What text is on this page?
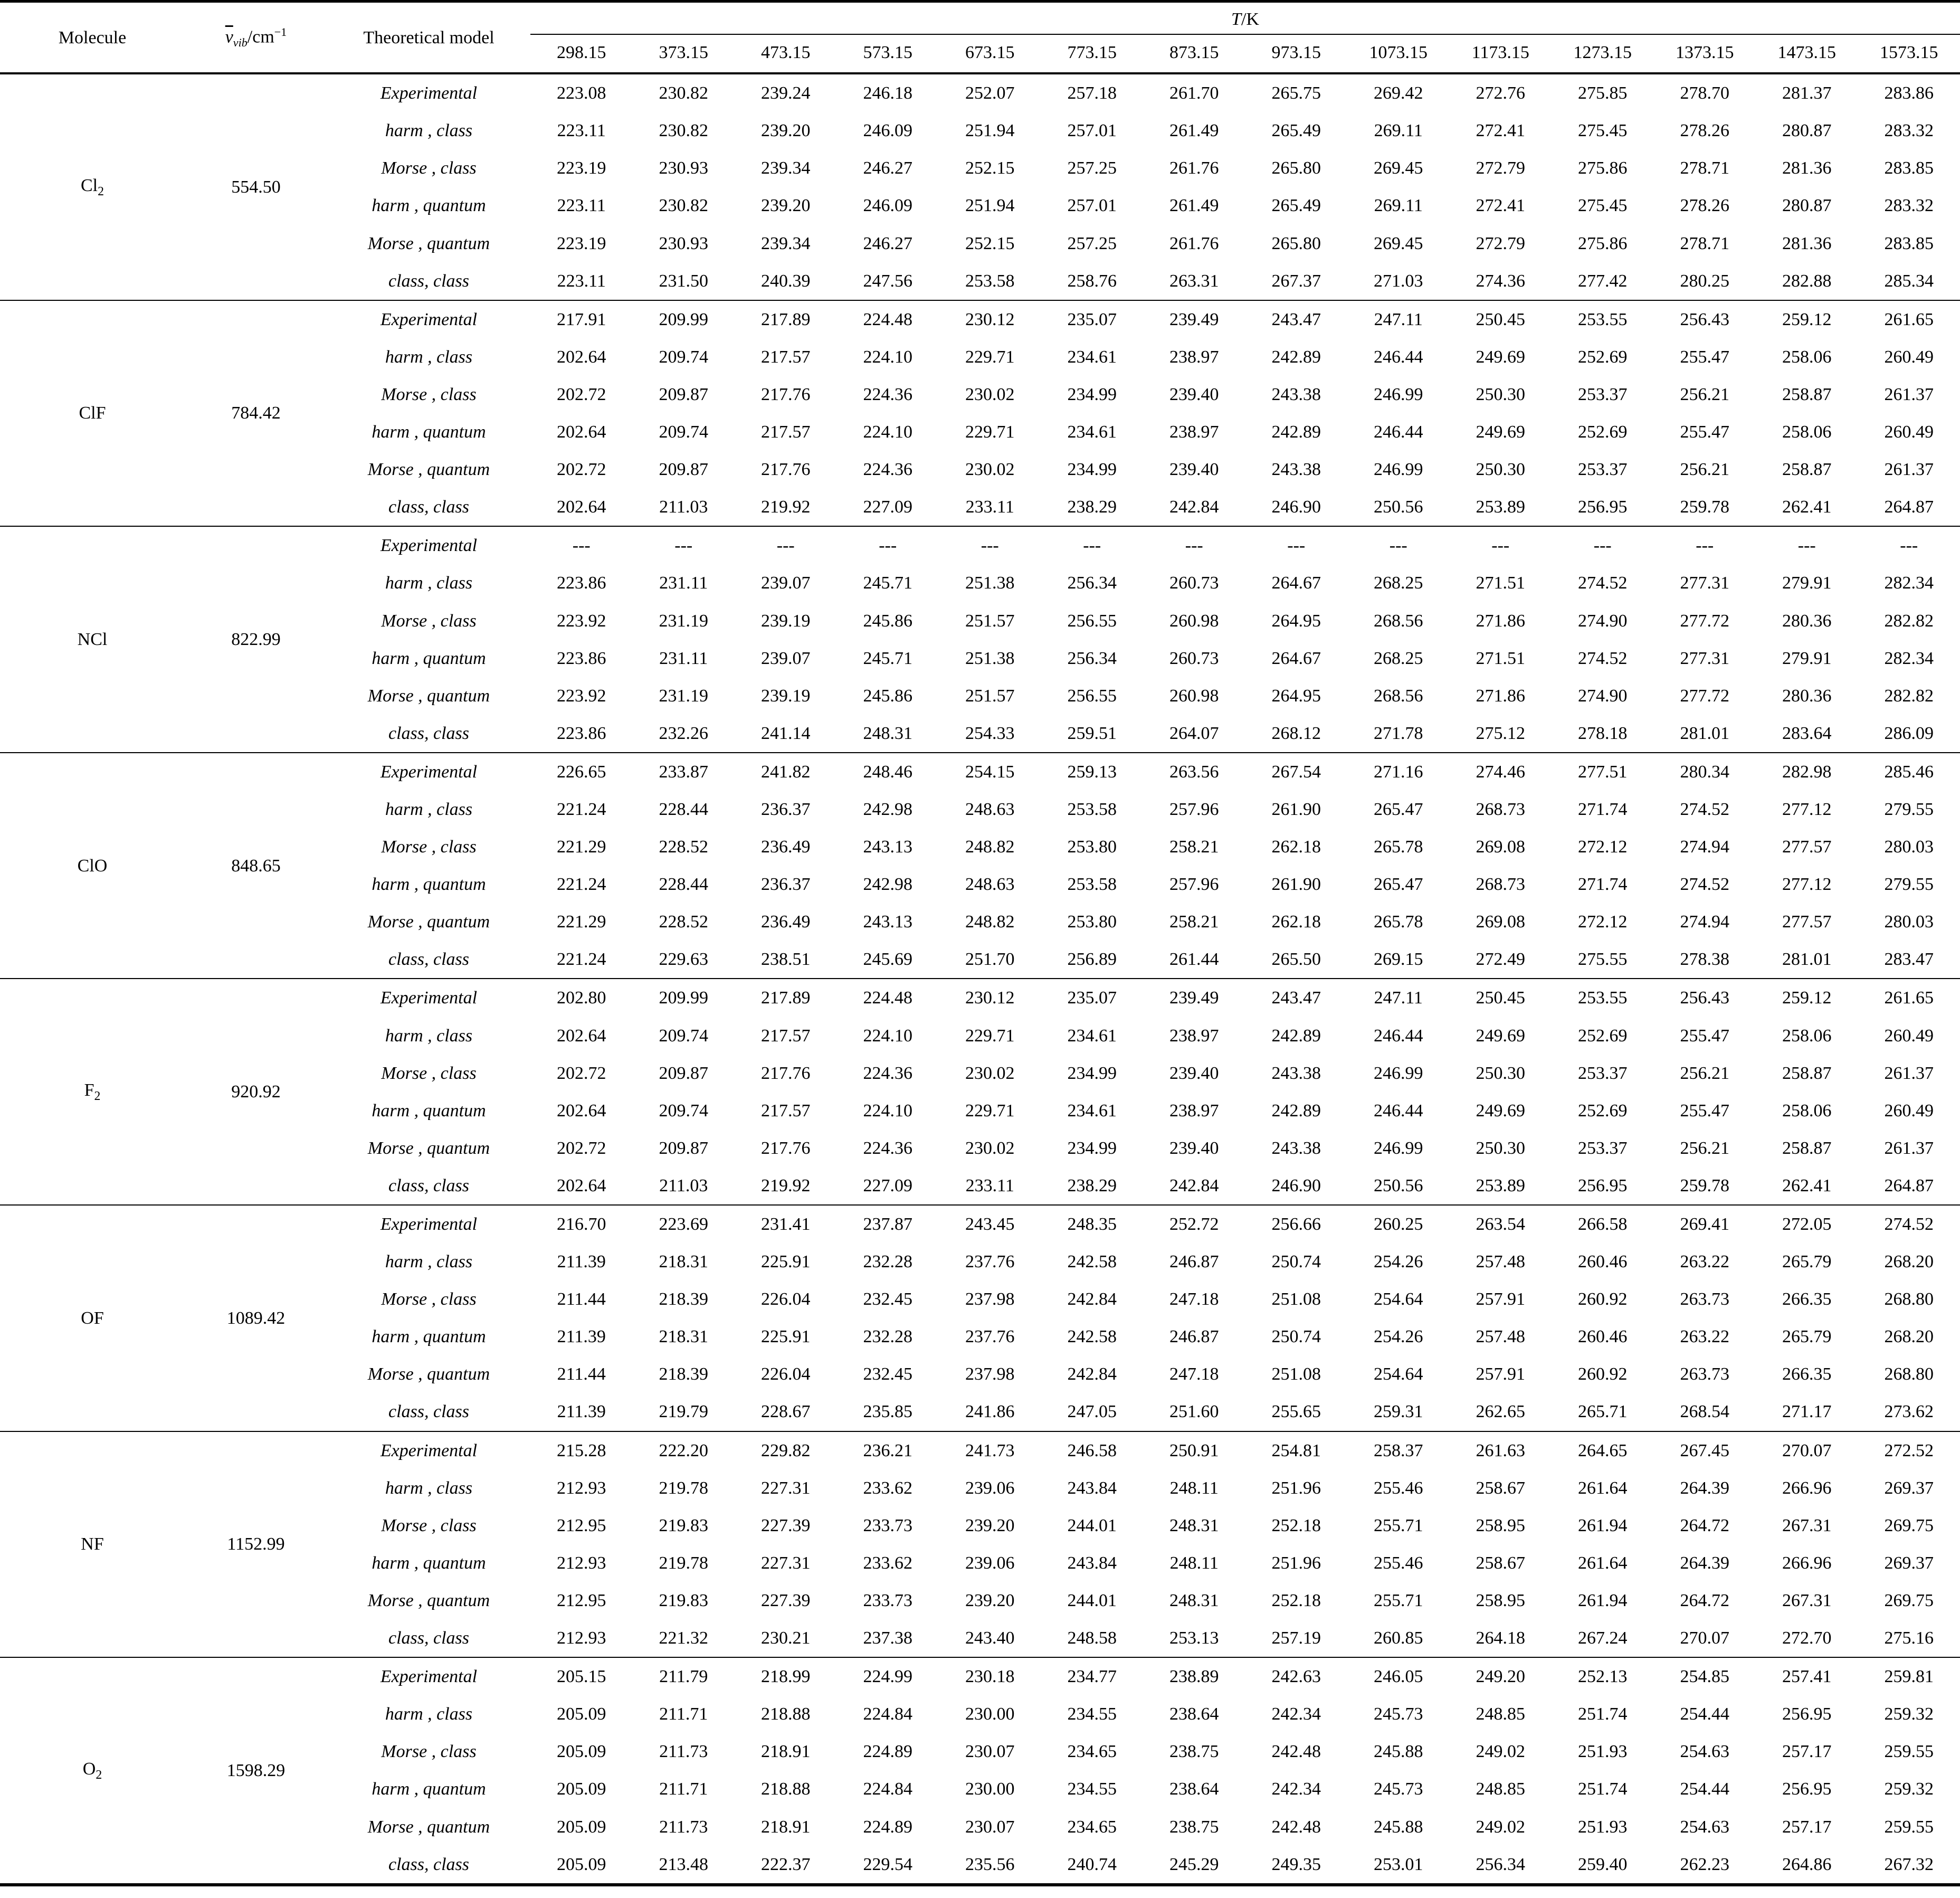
Molecule	$\overline{\nu}_{vib}/cm^{-1}$	Theoretical model	T/K													
			298.15	373.15	473.15	573.15	673.15	773.15	873.15	973.15	1073.15	1173.15	1273.15	1373.15	1473.15	1573.15
$Cl_2$	554.50	Experimental	223.08	230.82	239.24	246.18	252.07	257.18	261.70	265.75	269.42	272.76	275.85	278.70	281.37	283.86
		harm , class	223.11	230.82	239.20	246.09	251.94	257.01	261.49	265.49	269.11	272.41	275.45	278.26	280.87	283.32
		Morse , class	223.19	230.93	239.34	246.27	252.15	257.25	261.76	265.80	269.45	272.79	275.86	278.71	281.36	283.85
		harm , quantum	223.11	230.82	239.20	246.09	251.94	257.01	261.49	265.49	269.11	272.41	275.45	278.26	280.87	283.32
		Morse , quantum	223.19	230.93	239.34	246.27	252.15	257.25	261.76	265.80	269.45	272.79	275.86	278.71	281.36	283.85
		class, class	223.11	231.50	240.39	247.56	253.58	258.76	263.31	267.37	271.03	274.36	277.42	280.25	282.88	285.34
ClF	784.42	Experimental	217.91	209.99	217.89	224.48	230.12	235.07	239.49	243.47	247.11	250.45	253.55	256.43	259.12	261.65
		harm , class	202.64	209.74	217.57	224.10	229.71	234.61	238.97	242.89	246.44	249.69	252.69	255.47	258.06	260.49
		Morse , class	202.72	209.87	217.76	224.36	230.02	234.99	239.40	243.38	246.99	250.30	253.37	256.21	258.87	261.37
		harm , quantum	202.64	209.74	217.57	224.10	229.71	234.61	238.97	242.89	246.44	249.69	252.69	255.47	258.06	260.49
		Morse , quantum	202.72	209.87	217.76	224.36	230.02	234.99	239.40	243.38	246.99	250.30	253.37	256.21	258.87	261.37
		class, class	202.64	211.03	219.92	227.09	233.11	238.29	242.84	246.90	250.56	253.89	256.95	259.78	262.41	264.87
NCl	822.99	Experimental	---	---	---	---	---	---	---	---	---	---	---	---	---	---
		harm , class	223.86	231.11	239.07	245.71	251.38	256.34	260.73	264.67	268.25	271.51	274.52	277.31	279.91	282.34
		Morse , class	223.92	231.19	239.19	245.86	251.57	256.55	260.98	264.95	268.56	271.86	274.90	277.72	280.36	282.82
		harm , quantum	223.86	231.11	239.07	245.71	251.38	256.34	260.73	264.67	268.25	271.51	274.52	277.31	279.91	282.34
		Morse , quantum	223.92	231.19	239.19	245.86	251.57	256.55	260.98	264.95	268.56	271.86	274.90	277.72	280.36	282.82
		class, class	223.86	232.26	241.14	248.31	254.33	259.51	264.07	268.12	271.78	275.12	278.18	281.01	283.64	286.09
ClO	848.65	Experimental	226.65	233.87	241.82	248.46	254.15	259.13	263.56	267.54	271.16	274.46	277.51	280.34	282.98	285.46
		harm , class	221.24	228.44	236.37	242.98	248.63	253.58	257.96	261.90	265.47	268.73	271.74	274.52	277.12	279.55
		Morse , class	221.29	228.52	236.49	243.13	248.82	253.80	258.21	262.18	265.78	269.08	272.12	274.94	277.57	280.03
		harm , quantum	221.24	228.44	236.37	242.98	248.63	253.58	257.96	261.90	265.47	268.73	271.74	274.52	277.12	279.55
		Morse , quantum	221.29	228.52	236.49	243.13	248.82	253.80	258.21	262.18	265.78	269.08	272.12	274.94	277.57	280.03
		class, class	221.24	229.63	238.51	245.69	251.70	256.89	261.44	265.50	269.15	272.49	275.55	278.38	281.01	283.47
$F_2$	920.92	Experimental	202.80	209.99	217.89	224.48	230.12	235.07	239.49	243.47	247.11	250.45	253.55	256.43	259.12	261.65
		harm , class	202.64	209.74	217.57	224.10	229.71	234.61	238.97	242.89	246.44	249.69	252.69	255.47	258.06	260.49
		Morse , class	202.72	209.87	217.76	224.36	230.02	234.99	239.40	243.38	246.99	250.30	253.37	256.21	258.87	261.37
		harm , quantum	202.64	209.74	217.57	224.10	229.71	234.61	238.97	242.89	246.44	249.69	252.69	255.47	258.06	260.49
		Morse , quantum	202.72	209.87	217.76	224.36	230.02	234.99	239.40	243.38	246.99	250.30	253.37	256.21	258.87	261.37
		class, class	202.64	211.03	219.92	227.09	233.11	238.29	242.84	246.90	250.56	253.89	256.95	259.78	262.41	264.87
OF	1089.42	Experimental	216.70	223.69	231.41	237.87	243.45	248.35	252.72	256.66	260.25	263.54	266.58	269.41	272.05	274.52
		harm , class	211.39	218.31	225.91	232.28	237.76	242.58	246.87	250.74	254.26	257.48	260.46	263.22	265.79	268.20
		Morse , class	211.44	218.39	226.04	232.45	237.98	242.84	247.18	251.08	254.64	257.91	260.92	263.73	266.35	268.80
		harm , quantum	211.39	218.31	225.91	232.28	237.76	242.58	246.87	250.74	254.26	257.48	260.46	263.22	265.79	268.20
		Morse , quantum	211.44	218.39	226.04	232.45	237.98	242.84	247.18	251.08	254.64	257.91	260.92	263.73	266.35	268.80
		class, class	211.39	219.79	228.67	235.85	241.86	247.05	251.60	255.65	259.31	262.65	265.71	268.54	271.17	273.62
NF	1152.99	Experimental	215.28	222.20	229.82	236.21	241.73	246.58	250.91	254.81	258.37	261.63	264.65	267.45	270.07	272.52
		harm , class	212.93	219.78	227.31	233.62	239.06	243.84	248.11	251.96	255.46	258.67	261.64	264.39	266.96	269.37
		Morse , class	212.95	219.83	227.39	233.73	239.20	244.01	248.31	252.18	255.71	258.95	261.94	264.72	267.31	269.75
		harm , quantum	212.93	219.78	227.31	233.62	239.06	243.84	248.11	251.96	255.46	258.67	261.64	264.39	266.96	269.37
		Morse , quantum	212.95	219.83	227.39	233.73	239.20	244.01	248.31	252.18	255.71	258.95	261.94	264.72	267.31	269.75
		class, class	212.93	221.32	230.21	237.38	243.40	248.58	253.13	257.19	260.85	264.18	267.24	270.07	272.70	275.16
$O_2$	1598.29	Experimental	205.15	211.79	218.99	224.99	230.18	234.77	238.89	242.63	246.05	249.20	252.13	254.85	257.41	259.81
		harm , class	205.09	211.71	218.88	224.84	230.00	234.55	238.64	242.34	245.73	248.85	251.74	254.44	256.95	259.32
		Morse , class	205.09	211.73	218.91	224.89	230.07	234.65	238.75	242.48	245.88	249.02	251.93	254.63	257.17	259.55
		harm , quantum	205.09	211.71	218.88	224.84	230.00	234.55	238.64	242.34	245.73	248.85	251.74	254.44	256.95	259.32
		Morse , quantum	205.09	211.73	218.91	224.89	230.07	234.65	238.75	242.48	245.88	249.02	251.93	254.63	257.17	259.55
		class, class	205.09	213.48	222.37	229.54	235.56	240.74	245.29	249.35	253.01	256.34	259.40	262.23	264.86	267.32
